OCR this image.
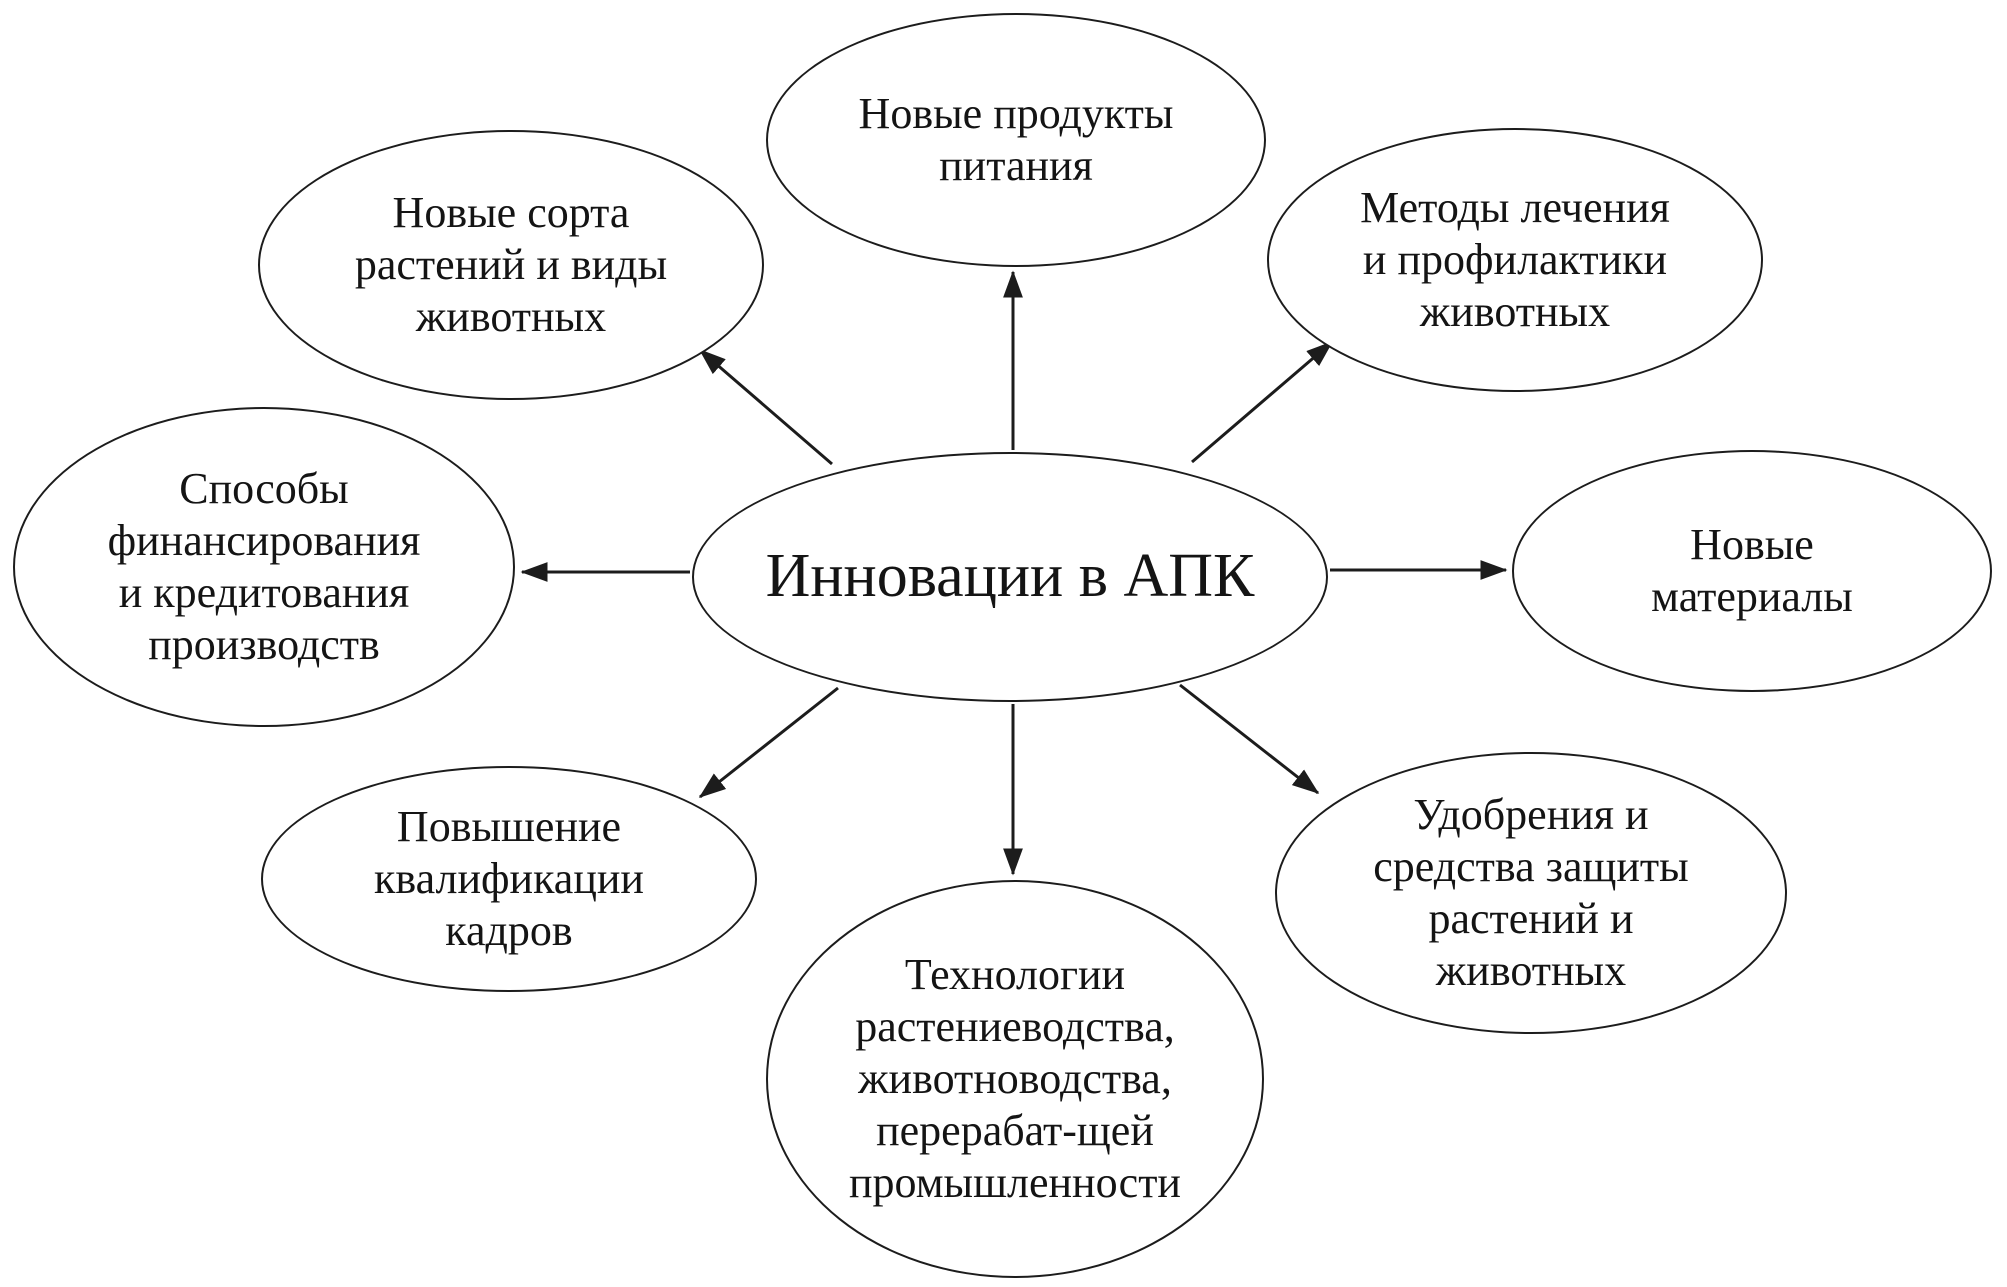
Новые продукты
питания
Новые сорта
растений и виды
животных
Методы лечения
и профилактики
животных
Способы
финансирования
и кредитования
производств
Инновации в АПК	Новые
материалы
Повышение
квалификации
кадров
Технологии
растениеводства,
животноводства,
перерабат-щей
промышленности
Удобрения и
средства защиты
растений и
животных
